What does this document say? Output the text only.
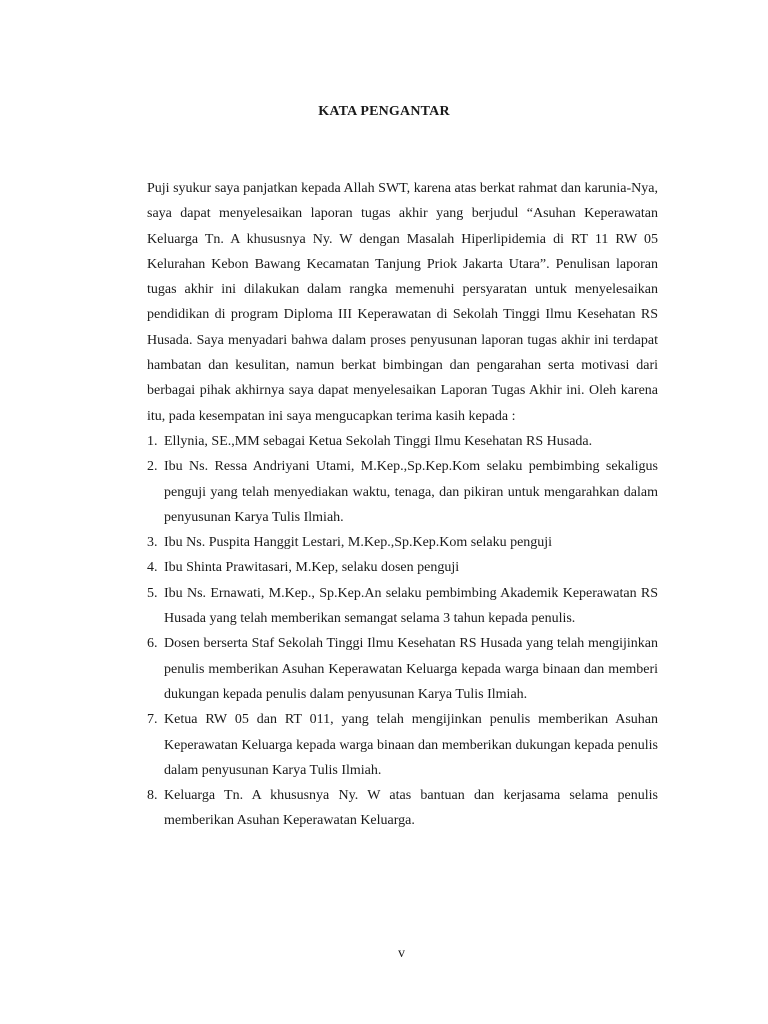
KATA PENGANTAR

Puji syukur saya panjatkan kepada Allah SWT, karena atas berkat rahmat dan karunia-Nya, saya dapat menyelesaikan laporan tugas akhir yang berjudul “Asuhan Keperawatan Keluarga Tn. A khususnya Ny. W dengan Masalah Hiperlipidemia di RT 11 RW 05 Kelurahan Kebon Bawang Kecamatan Tanjung Priok Jakarta Utara”. Penulisan laporan tugas akhir ini dilakukan dalam rangka memenuhi persyaratan untuk menyelesaikan pendidikan di program Diploma III Keperawatan di Sekolah Tinggi Ilmu Kesehatan RS Husada. Saya menyadari bahwa dalam proses penyusunan laporan tugas akhir ini terdapat hambatan dan kesulitan, namun berkat bimbingan dan pengarahan serta motivasi dari berbagai pihak akhirnya saya dapat menyelesaikan Laporan Tugas Akhir ini. Oleh karena itu, pada kesempatan ini saya mengucapkan terima kasih kepada :

1. Ellynia, SE.,MM sebagai Ketua Sekolah Tinggi Ilmu Kesehatan RS Husada.
2. Ibu Ns. Ressa Andriyani Utami, M.Kep.,Sp.Kep.Kom selaku pembimbing sekaligus penguji yang telah menyediakan waktu, tenaga, dan pikiran untuk mengarahkan dalam penyusunan Karya Tulis Ilmiah.
3. Ibu Ns. Puspita Hanggit Lestari, M.Kep.,Sp.Kep.Kom selaku penguji
4. Ibu Shinta Prawitasari, M.Kep, selaku dosen penguji
5. Ibu Ns. Ernawati, M.Kep., Sp.Kep.An selaku pembimbing Akademik Keperawatan RS Husada yang telah memberikan semangat selama 3 tahun kepada penulis.
6. Dosen berserta Staf Sekolah Tinggi Ilmu Kesehatan RS Husada yang telah mengijinkan penulis memberikan Asuhan Keperawatan Keluarga kepada warga binaan dan memberi dukungan kepada penulis dalam penyusunan Karya Tulis Ilmiah.
7. Ketua RW 05 dan RT 011, yang telah mengijinkan penulis memberikan Asuhan Keperawatan Keluarga kepada warga binaan dan memberikan dukungan kepada penulis dalam penyusunan Karya Tulis Ilmiah.
8. Keluarga Tn. A khususnya Ny. W atas bantuan dan kerjasama selama penulis memberikan Asuhan Keperawatan Keluarga.
v
